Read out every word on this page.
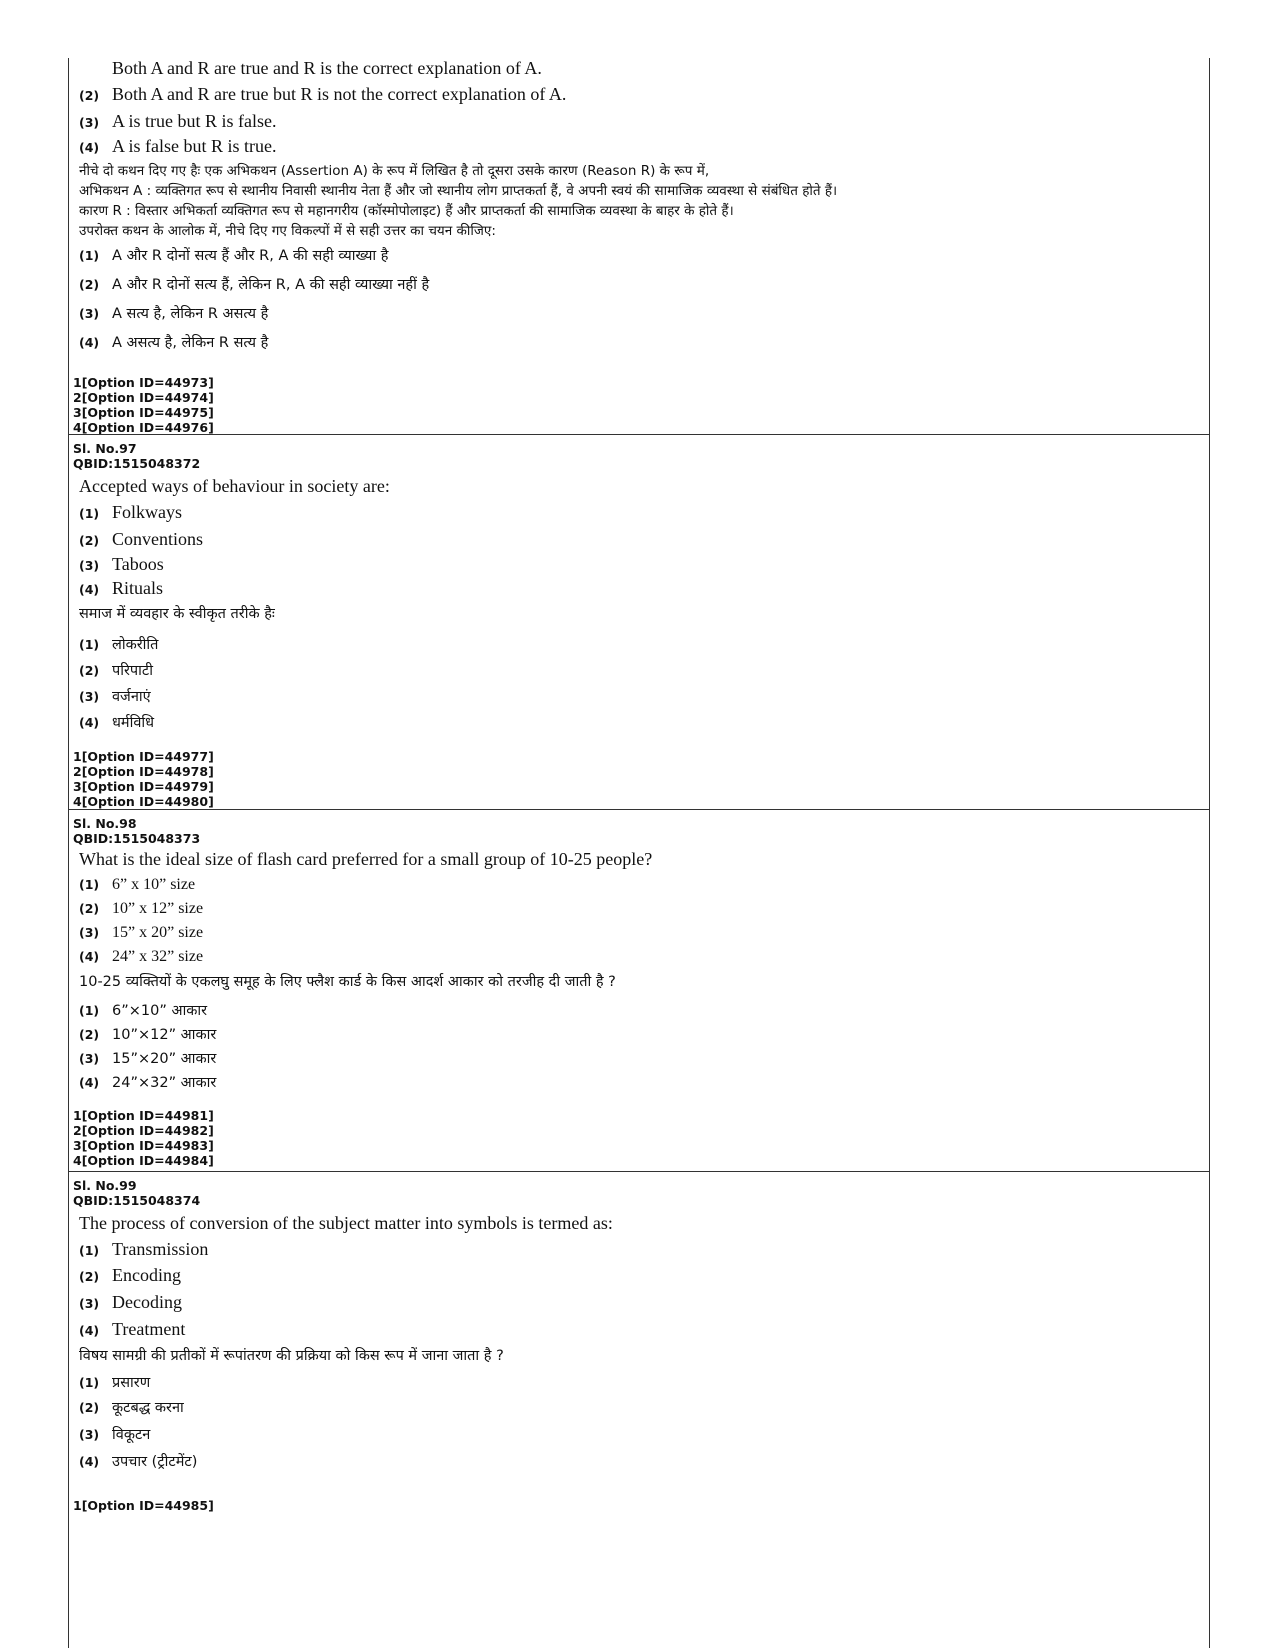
Both A and R are true and R is the correct explanation of A.
(2) Both A and R are true but R is not the correct explanation of A.
(3) A is true but R is false.
(4) A is false but R is true.
नीचे दो कथन दिए गए हैः एक अभिकथन (Assertion A) के रूप में लिखित है तो दूसरा उसके कारण (Reason R) के रूप में,
अभिकथन A : व्यक्तिगत रूप से स्थानीय निवासी स्थानीय नेता हैं और जो स्थानीय लोग प्राप्तकर्ता हैं, वे अपनी स्वयं की सामाजिक व्यवस्था से संबंधित होते हैं।
कारण R : विस्तार अभिकर्ता व्यक्तिगत रूप से महानगरीय (कॉस्मोपोलाइट) हैं और प्राप्तकर्ता की सामाजिक व्यवस्था के बाहर के होते हैं।
उपरोक्त कथन के आलोक में, नीचे दिए गए विकल्पों में से सही उत्तर का चयन कीजिए:
(1) A और R दोनों सत्य हैं और R, A की सही व्याख्या है
(2) A और R दोनों सत्य हैं, लेकिन R, A की सही व्याख्या नहीं है
(3) A सत्य है, लेकिन R असत्य है
(4) A असत्य है, लेकिन R सत्य है
1[Option ID=44973]
2[Option ID=44974]
3[Option ID=44975]
4[Option ID=44976]
Sl. No.97
QBID:1515048372
Accepted ways of behaviour in society are:
(1) Folkways
(2) Conventions
(3) Taboos
(4) Rituals
समाज में व्यवहार के स्वीकृत तरीके हैः
(1) लोकरीति
(2) परिपाटी
(3) वर्जनाएं
(4) धर्मविधि
1[Option ID=44977]
2[Option ID=44978]
3[Option ID=44979]
4[Option ID=44980]
Sl. No.98
QBID:1515048373
What is the ideal size of flash card preferred for a small group of 10-25 people?
(1) 6” x 10” size
(2) 10” x 12” size
(3) 15” x 20” size
(4) 24” x 32” size
10-25 व्यक्तियों के एकलघु समूह के लिए फ्लैश कार्ड के किस आदर्श आकार को तरजीह दी जाती है ?
(1) 6”×10” आकार
(2) 10”×12” आकार
(3) 15”×20” आकार
(4) 24”×32” आकार
1[Option ID=44981]
2[Option ID=44982]
3[Option ID=44983]
4[Option ID=44984]
Sl. No.99
QBID:1515048374
The process of conversion of the subject matter into symbols is termed as:
(1) Transmission
(2) Encoding
(3) Decoding
(4) Treatment
विषय सामग्री की प्रतीकों में रूपांतरण की प्रक्रिया को किस रूप में जाना जाता है ?
(1) प्रसारण
(2) कूटबद्ध करना
(3) विकूटन
(4) उपचार (ट्रीटमेंट)
1[Option ID=44985]
